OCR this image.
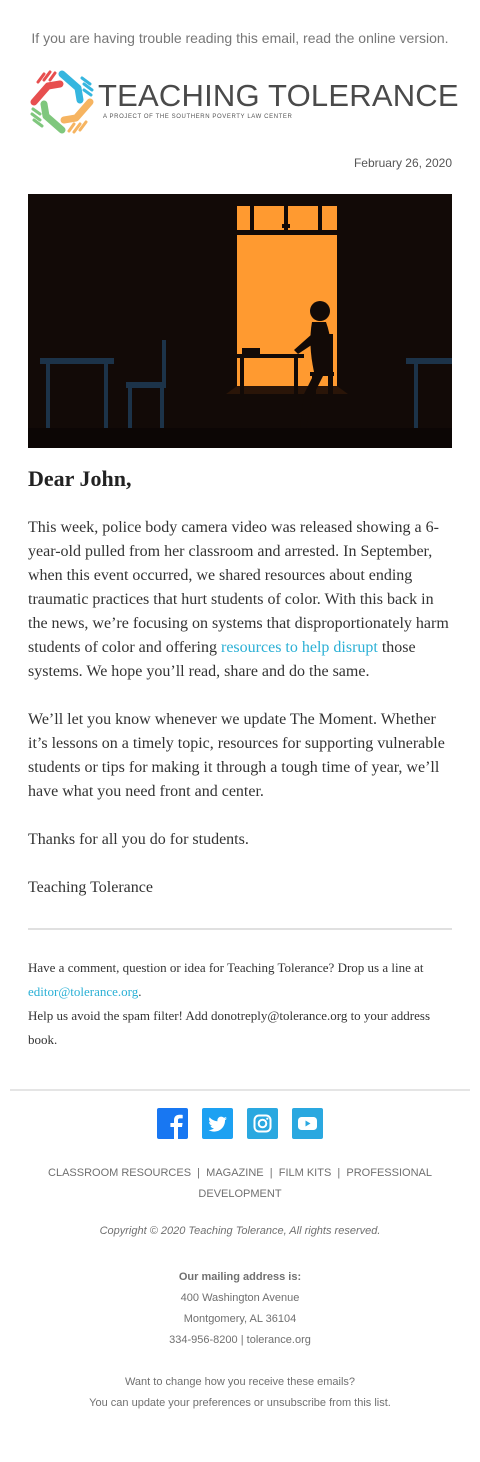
If you are having trouble reading this email, read the online version.
TEACHING TOLERANCE
A PROJECT OF THE SOUTHERN POVERTY LAW CENTER
February 26, 2020
Dear John,
This week, police body camera video was released showing a 6-year-old pulled from her classroom and arrested. In September, when this event occurred, we shared resources about ending traumatic practices that hurt students of color. With this back in the news, we’re focusing on systems that disproportionately harm students of color and offering resources to help disrupt those systems. We hope you’ll read, share and do the same.
We’ll let you know whenever we update The Moment. Whether it’s lessons on a timely topic, resources for supporting vulnerable students or tips for making it through a tough time of year, we’ll have what you need front and center.
Thanks for all you do for students.
Teaching Tolerance
Have a comment, question or idea for Teaching Tolerance? Drop us a line at editor@tolerance.org.
Help us avoid the spam filter! Add donotreply@tolerance.org to your address book.

CLASSROOM RESOURCES | MAGAZINE | FILM KITS | PROFESSIONAL DEVELOPMENT
Copyright © 2020 Teaching Tolerance, All rights reserved.
Our mailing address is:
400 Washington Avenue
Montgomery, AL 36104
334-956-8200 | tolerance.org
Want to change how you receive these emails?
You can update your preferences or unsubscribe from this list.
